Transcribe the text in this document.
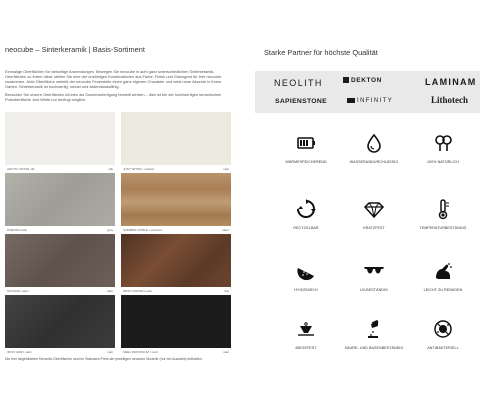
neocube – Sinterkeramik | Basis-Sortiment

Einmalige Oberflächen für vielseitige Anwendungen. Bewegen Sie neocube in acht ganz unterschiedlichen Sinterkeramik-Oberflächen zu Ihrem Ideal: stellen Sie eine der unzähligen Kombinationen aus Farbe, Finish und Glanzgrad für Ihre neocube zusammen. Jede Oberfläche verleiht der neocube Feuerstelle einen ganz eigenen Charakter und setzt neue Akzente in Ihrem Garten. Sinterkeramik ist hochwertig, robust und widerstandsfähig.

Besuchen Sie unsere Oberflächen können als Sonderanfertigung bestellt werden – dies ist bei der hochwertigen keramischen Putzoberfläche Just White nur bedingt möglich.

ARCTIC WHITE silk	silk	JUST WHITE / mattiert	matt
PHEDRA satin	grey	SOMBRE NOBLE / structure	natur
NATURAL satin	dark	IRON CORTEN satin	rost
IRON GREY satin	matt	SEEL ZIRKONIUM / matt	matt
Die hier abgebildeten Keramik-Oberflächen sind im Standard-Preis der jeweiligen neocube Modelle (nur bei Auswahl) enthalten.
Starke Partner für höchste Qualität
NEOLITH	DEKTON	LAMINAM
SAPIENSTONE	INFINITY	Lithotech
WÄRMESPEICHEREND	WASSERUNDURCHLÄSSIG	100% NATÜRLICH
RECYCELBAR	KRATZFEST	TEMPERATURBESTÄNDIG
HYGIENISCH	UV-BESTÄNDIG	LEICHT ZU REINIGEN
BIEGEFEST	SÄURE- UND BASENBESTÄNDIG	ANTIBAKTERIELL
